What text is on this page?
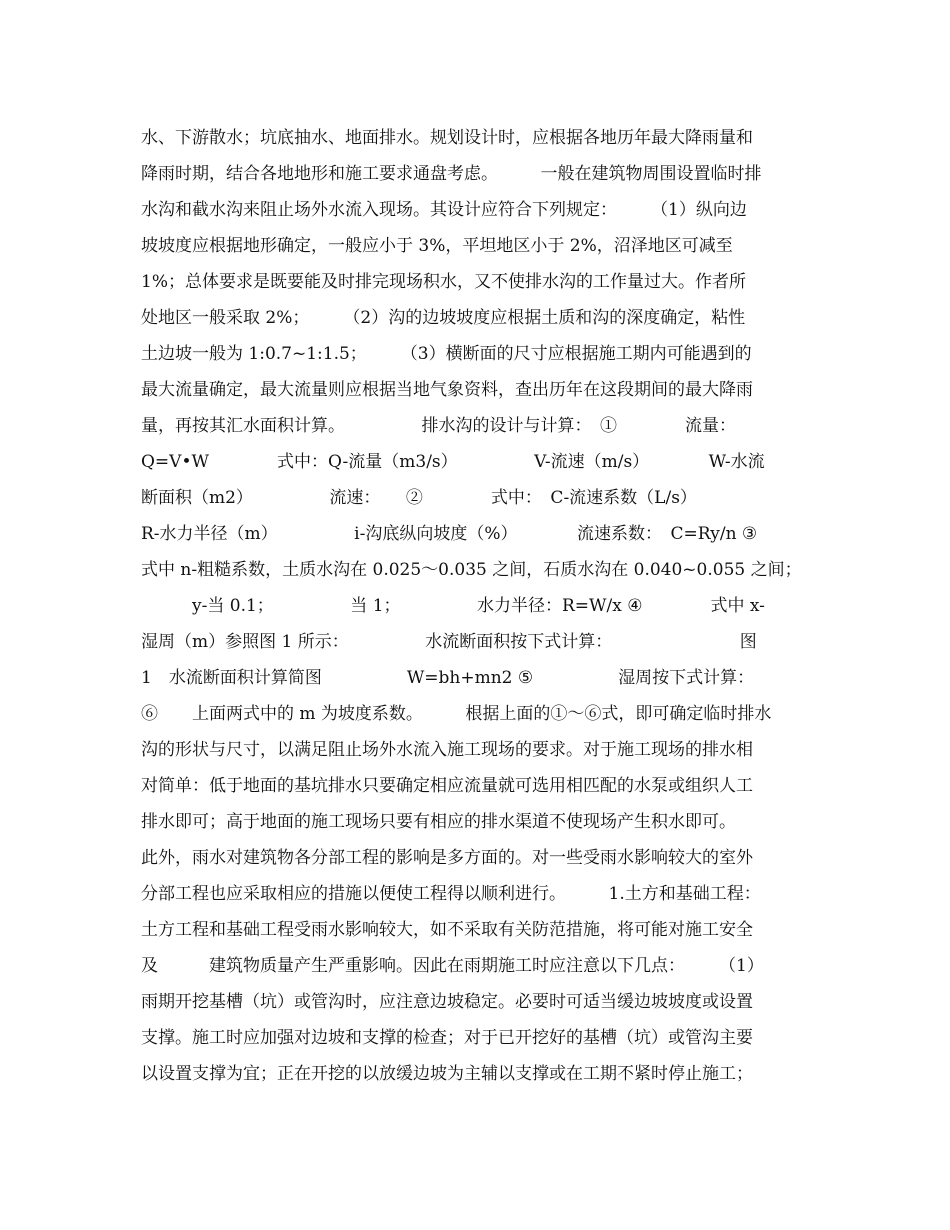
水、下游散水；坑底抽水、地面排水。规划设计时，应根据各地历年最大降雨量和
降雨时期，结合各地地形和施工要求通盘考虑。　　　一般在建筑物周围设置临时排
水沟和截水沟来阻止场外水流入现场。其设计应符合下列规定：　　　（1）纵向边
坡坡度应根据地形确定，一般应小于 3%，平坦地区小于 2%，沼泽地区可减至
1%；总体要求是既要能及时排完现场积水，又不使排水沟的工作量过大。作者所
处地区一般采取 2%；　　　（2）沟的边坡坡度应根据土质和沟的深度确定，粘性
土边坡一般为 1:0.7~1:1.5；　　　（3）横断面的尺寸应根据施工期内可能遇到的
最大流量确定，最大流量则应根据当地气象资料，查出历年在这段期间的最大降雨
量，再按其汇水面积计算。　　　　　排水沟的设计与计算：　①　　　　流量：
Q=V•W　　　　式中：Q-流量（m3/s）　　　　　V-流速（m/s）　　　　W-水流
断面积（m2）　　　　　流速：　　②　　　　式中：　C-流速系数（L/s）
R-水力半径（m）　　　　　i-沟底纵向坡度（%）　　　　流速系数：　C=Ry/n ③
式中 n-粗糙系数，土质水沟在 0.025～0.035 之间，石质水沟在 0.040~0.055 之间；
　　　y-当 0.1；　　　　　当 1；　　　　　水力半径：R=W/x ④　　　　式中 x-
湿周（m）参照图 1 所示：　　　　　水流断面积按下式计算：　　　　　　　　图
1　水流断面积计算简图　　　　　W=bh+mn2 ⑤　　　　　湿周按下式计算：
⑥　　上面两式中的 m 为坡度系数。　　　根据上面的①～⑥式，即可确定临时排水
沟的形状与尺寸，以满足阻止场外水流入施工现场的要求。对于施工现场的排水相
对简单：低于地面的基坑排水只要确定相应流量就可选用相匹配的水泵或组织人工
排水即可；高于地面的施工现场只要有相应的排水渠道不使现场产生积水即可。
此外，雨水对建筑物各分部工程的影响是多方面的。对一些受雨水影响较大的室外
分部工程也应采取相应的措施以便使工程得以顺利进行。　　　1.土方和基础工程：
土方工程和基础工程受雨水影响较大，如不采取有关防范措施，将可能对施工安全
及　　　建筑物质量产生严重影响。因此在雨期施工时应注意以下几点：　　　（1）
雨期开挖基槽（坑）或管沟时，应注意边坡稳定。必要时可适当缓边坡坡度或设置
支撑。施工时应加强对边坡和支撑的检查；对于已开挖好的基槽（坑）或管沟主要
以设置支撑为宜；正在开挖的以放缓边坡为主辅以支撑或在工期不紧时停止施工；
